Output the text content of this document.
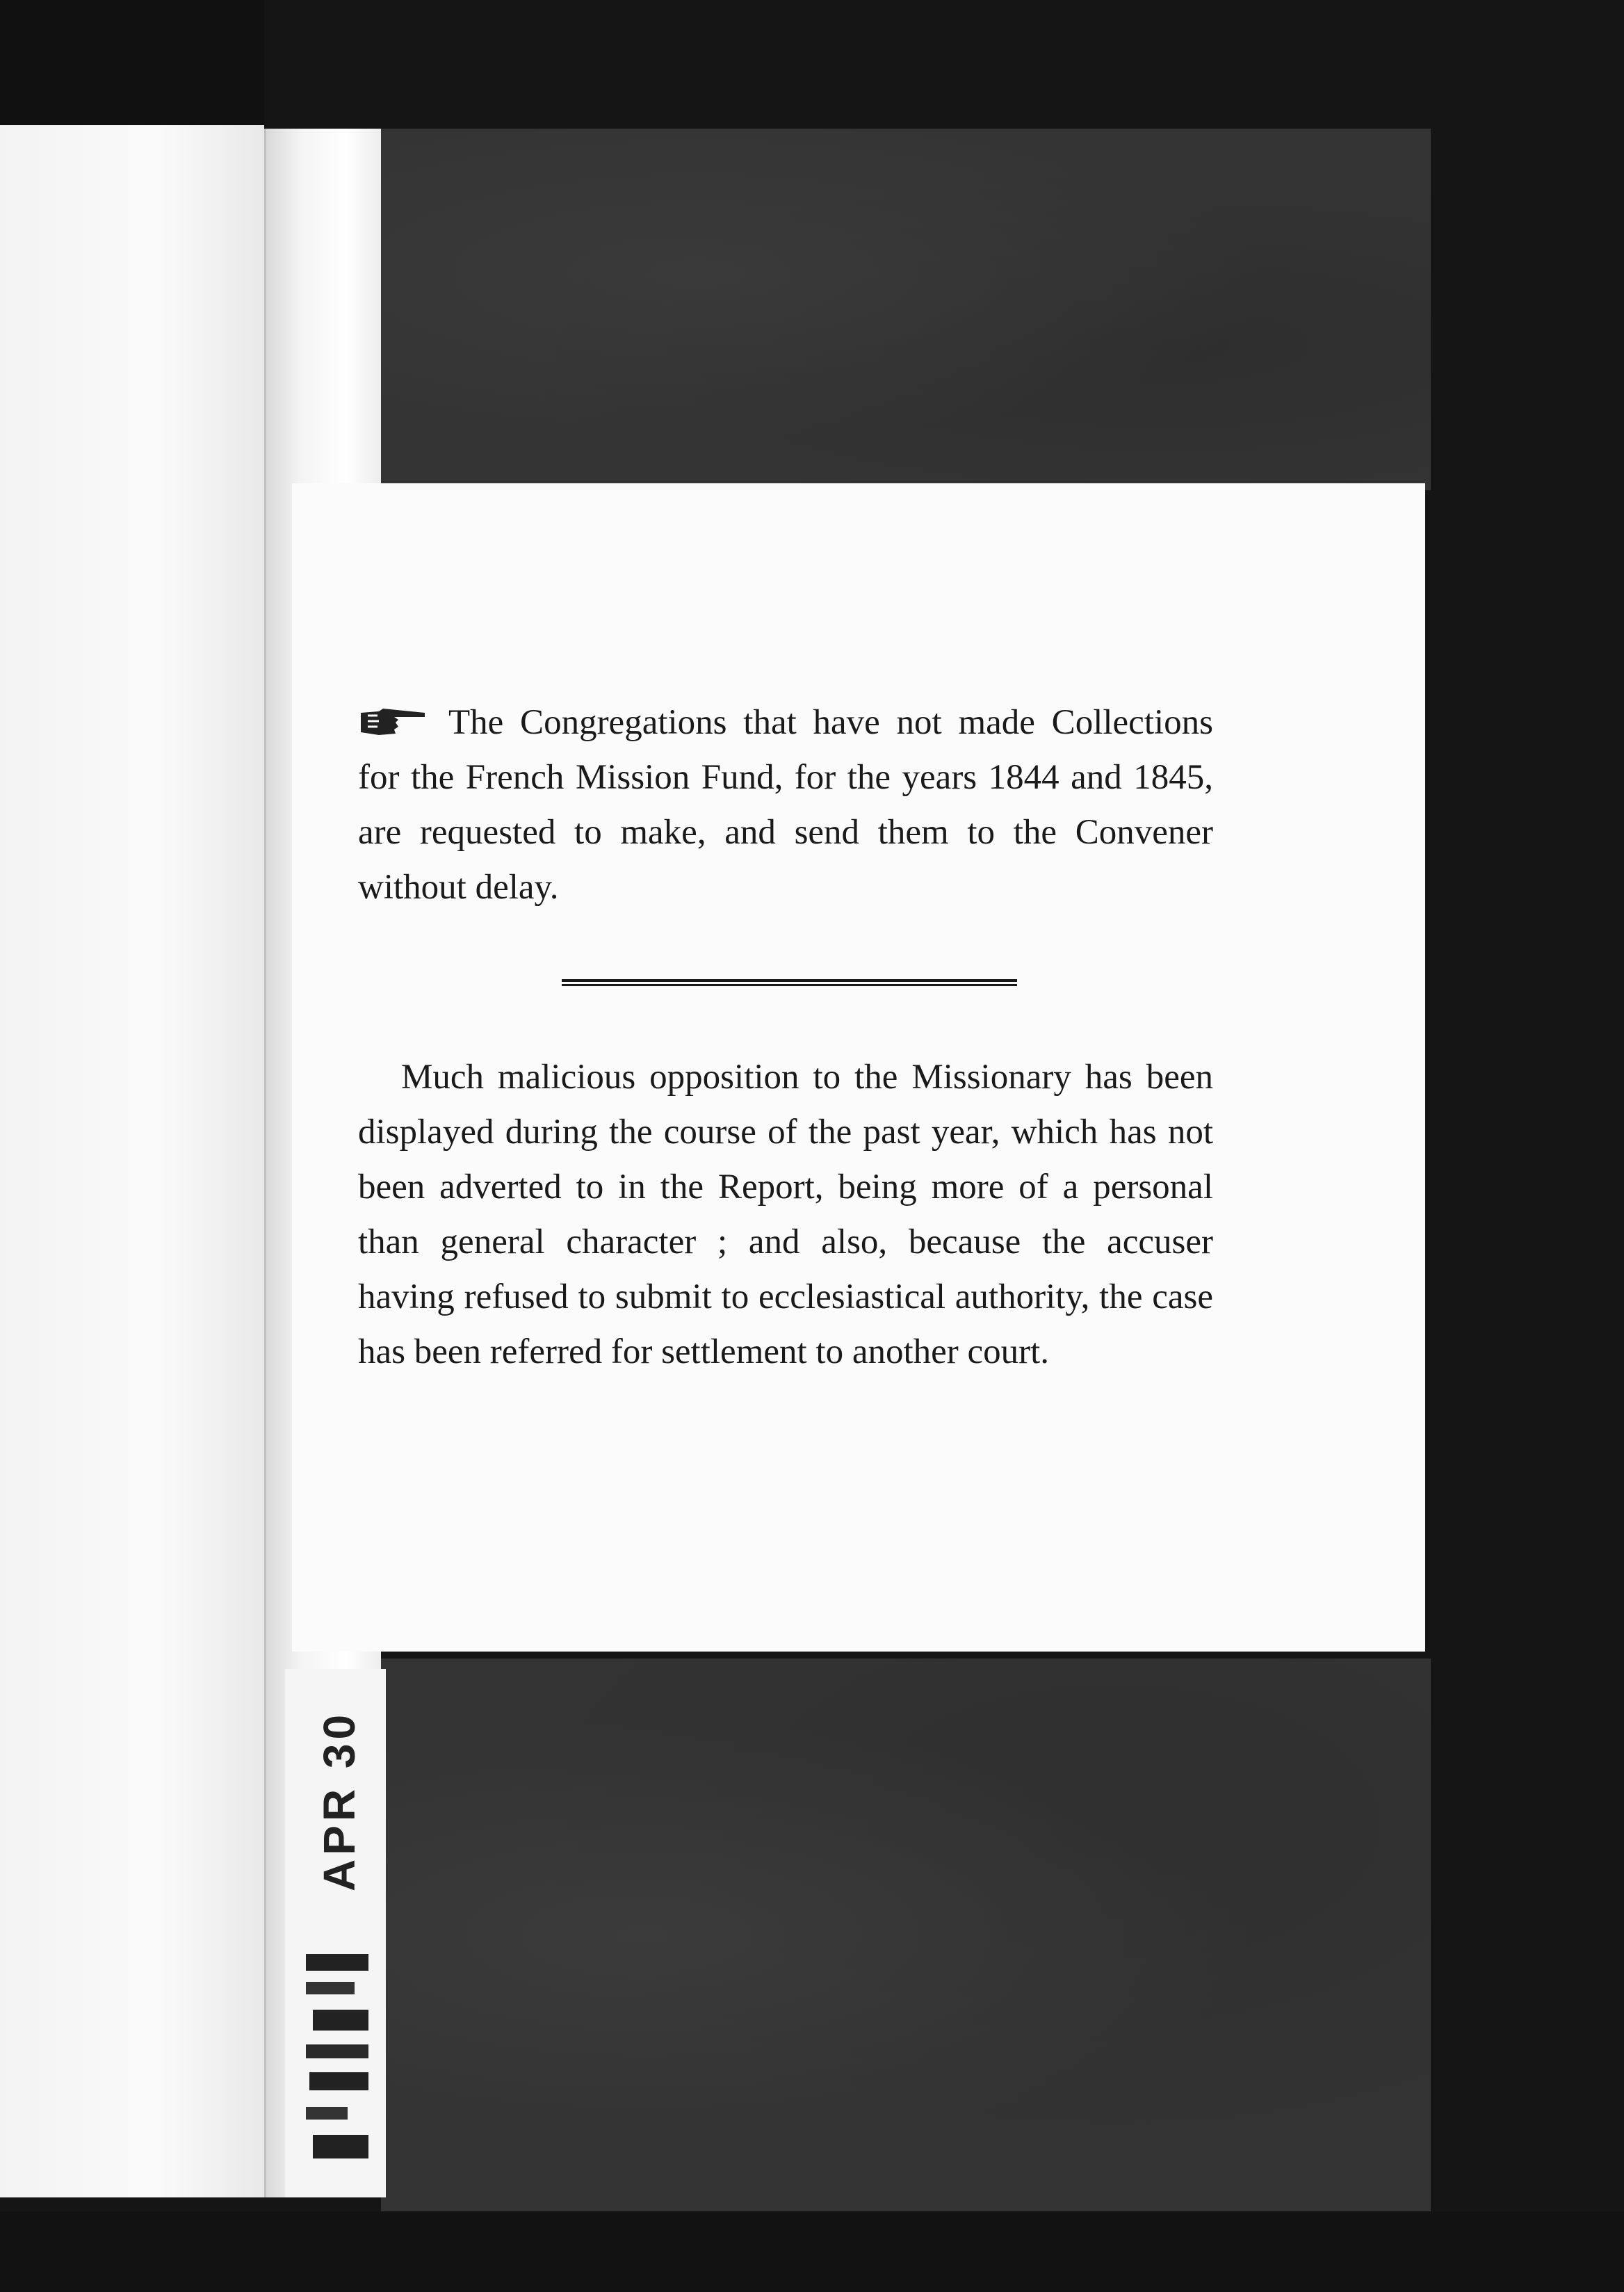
The Congregations that have not made Collections for the French Mission Fund, for the years 1844 and 1845, are requested to make, and send them to the Convener without delay.

Much malicious opposition to the Missionary has been displayed during the course of the past year, which has not been adverted to in the Report, being more of a personal than general character ; and also, because the accuser having refused to submit to ecclesiastical authority, the case has been referred for settlement to another court.

APR 30
